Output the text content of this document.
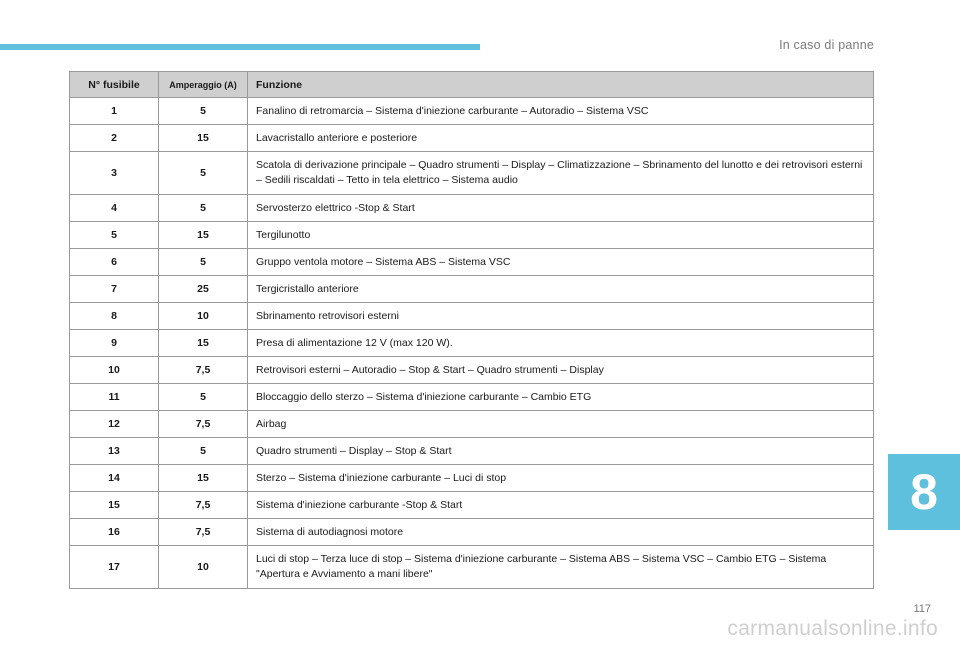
In caso di panne
N° fusibile	Amperaggio (A)	Funzione
1	5	Fanalino di retromarcia – Sistema d'iniezione carburante – Autoradio – Sistema VSC
2	15	Lavacristallo anteriore e posteriore
3	5	Scatola di derivazione principale – Quadro strumenti – Display – Climatizzazione – Sbrinamento del lunotto e dei retrovisori esterni – Sedili riscaldati – Tetto in tela elettrico – Sistema audio
4	5	Servosterzo elettrico -Stop & Start
5	15	Tergilunotto
6	5	Gruppo ventola motore – Sistema ABS – Sistema VSC
7	25	Tergicristallo anteriore
8	10	Sbrinamento retrovisori esterni
9	15	Presa di alimentazione 12 V (max 120 W).
10	7,5	Retrovisori esterni – Autoradio – Stop & Start – Quadro strumenti – Display
11	5	Bloccaggio dello sterzo – Sistema d'iniezione carburante – Cambio ETG
12	7,5	Airbag
13	5	Quadro strumenti – Display – Stop & Start
14	15	Sterzo – Sistema d'iniezione carburante – Luci di stop
15	7,5	Sistema d'iniezione carburante -Stop & Start
16	7,5	Sistema di autodiagnosi motore
17	10	Luci di stop – Terza luce di stop – Sistema d'iniezione carburante – Sistema ABS – Sistema VSC – Cambio ETG – Sistema "Apertura e Avviamento a mani libere"
8
117
carmanualsonline.info
